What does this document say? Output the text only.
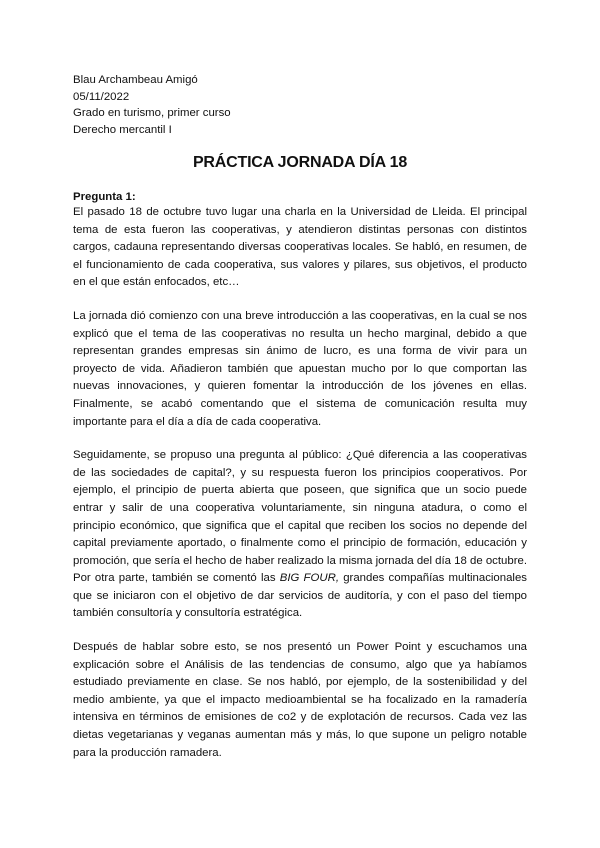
Blau Archambeau Amigó

05/11/2022

Grado en turismo, primer curso

Derecho mercantil I

PRÁCTICA JORNADA DÍA 18

Pregunta 1:

El pasado 18 de octubre tuvo lugar una charla en la Universidad de Lleida. El principal tema de esta fueron las cooperativas, y atendieron distintas personas con distintos cargos, cadauna representando diversas cooperativas locales. Se habló, en resumen, de el funcionamiento de cada cooperativa, sus valores y pilares, sus objetivos, el producto en el que están enfocados, etc…

La jornada dió comienzo con una breve introducción a las cooperativas, en la cual se nos explicó que el tema de las cooperativas no resulta un hecho marginal, debido a que representan grandes empresas sin ánimo de lucro, es una forma de vivir para un proyecto de vida. Añadieron también que apuestan mucho por lo que comportan las nuevas innovaciones, y quieren fomentar la introducción de los jóvenes en ellas. Finalmente, se acabó comentando que el sistema de comunicación resulta muy importante para el día a día de cada cooperativa.

Seguidamente, se propuso una pregunta al público: ¿Qué diferencia a las cooperativas de las sociedades de capital?, y su respuesta fueron los principios cooperativos. Por ejemplo, el principio de puerta abierta que poseen, que significa que un socio puede entrar y salir de una cooperativa voluntariamente, sin ninguna atadura, o como el principio económico, que significa que el capital que reciben los socios no depende del capital previamente aportado, o finalmente como el principio de formación, educación y promoción, que sería el hecho de haber realizado la misma jornada del día 18 de octubre. Por otra parte, también se comentó las BIG FOUR, grandes compañías multinacionales que se iniciaron con el objetivo de dar servicios de auditoría, y con el paso del tiempo también consultoría y consultoría estratégica.

Después de hablar sobre esto, se nos presentó un Power Point y escuchamos una explicación sobre el Análisis de las tendencias de consumo, algo que ya habíamos estudiado previamente en clase. Se nos habló, por ejemplo, de la sostenibilidad y del medio ambiente, ya que el impacto medioambiental se ha focalizado en la ramadería intensiva en términos de emisiones de co2 y de explotación de recursos. Cada vez las dietas vegetarianas y veganas aumentan más y más, lo que supone un peligro notable para la producción ramadera.
